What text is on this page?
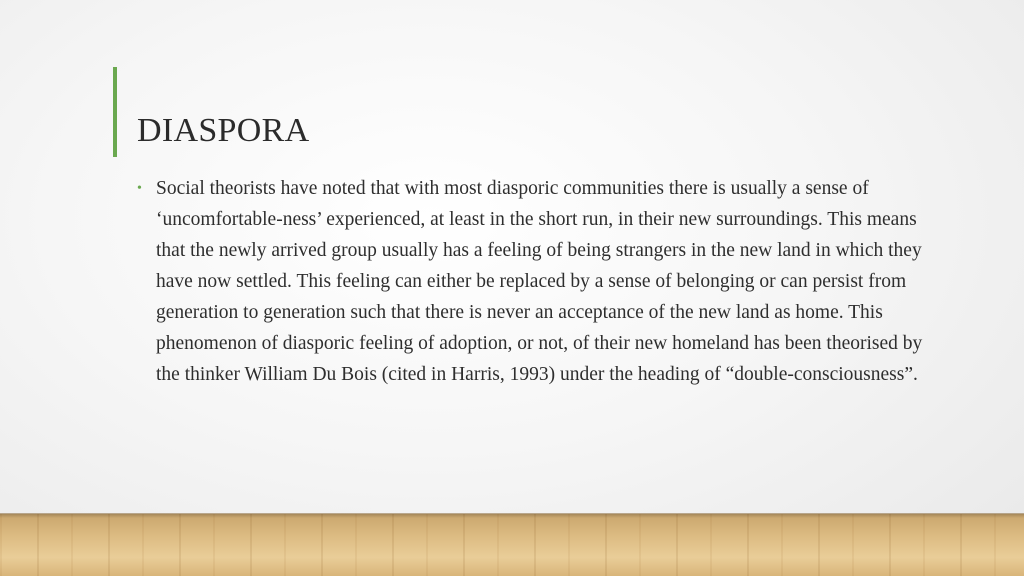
DIASPORA
• Social theorists have noted that with most diasporic communities there is usually a sense of ‘uncomfortable-ness’ experienced, at least in the short run, in their new surroundings. This means that the newly arrived group usually has a feeling of being strangers in the new land in which they have now settled. This feeling can either be replaced by a sense of belonging or can persist from generation to generation such that there is never an acceptance of the new land as home. This phenomenon of diasporic feeling of adoption, or not, of their new homeland has been theorised by the thinker William Du Bois (cited in Harris, 1993) under the heading of “double-consciousness”.
